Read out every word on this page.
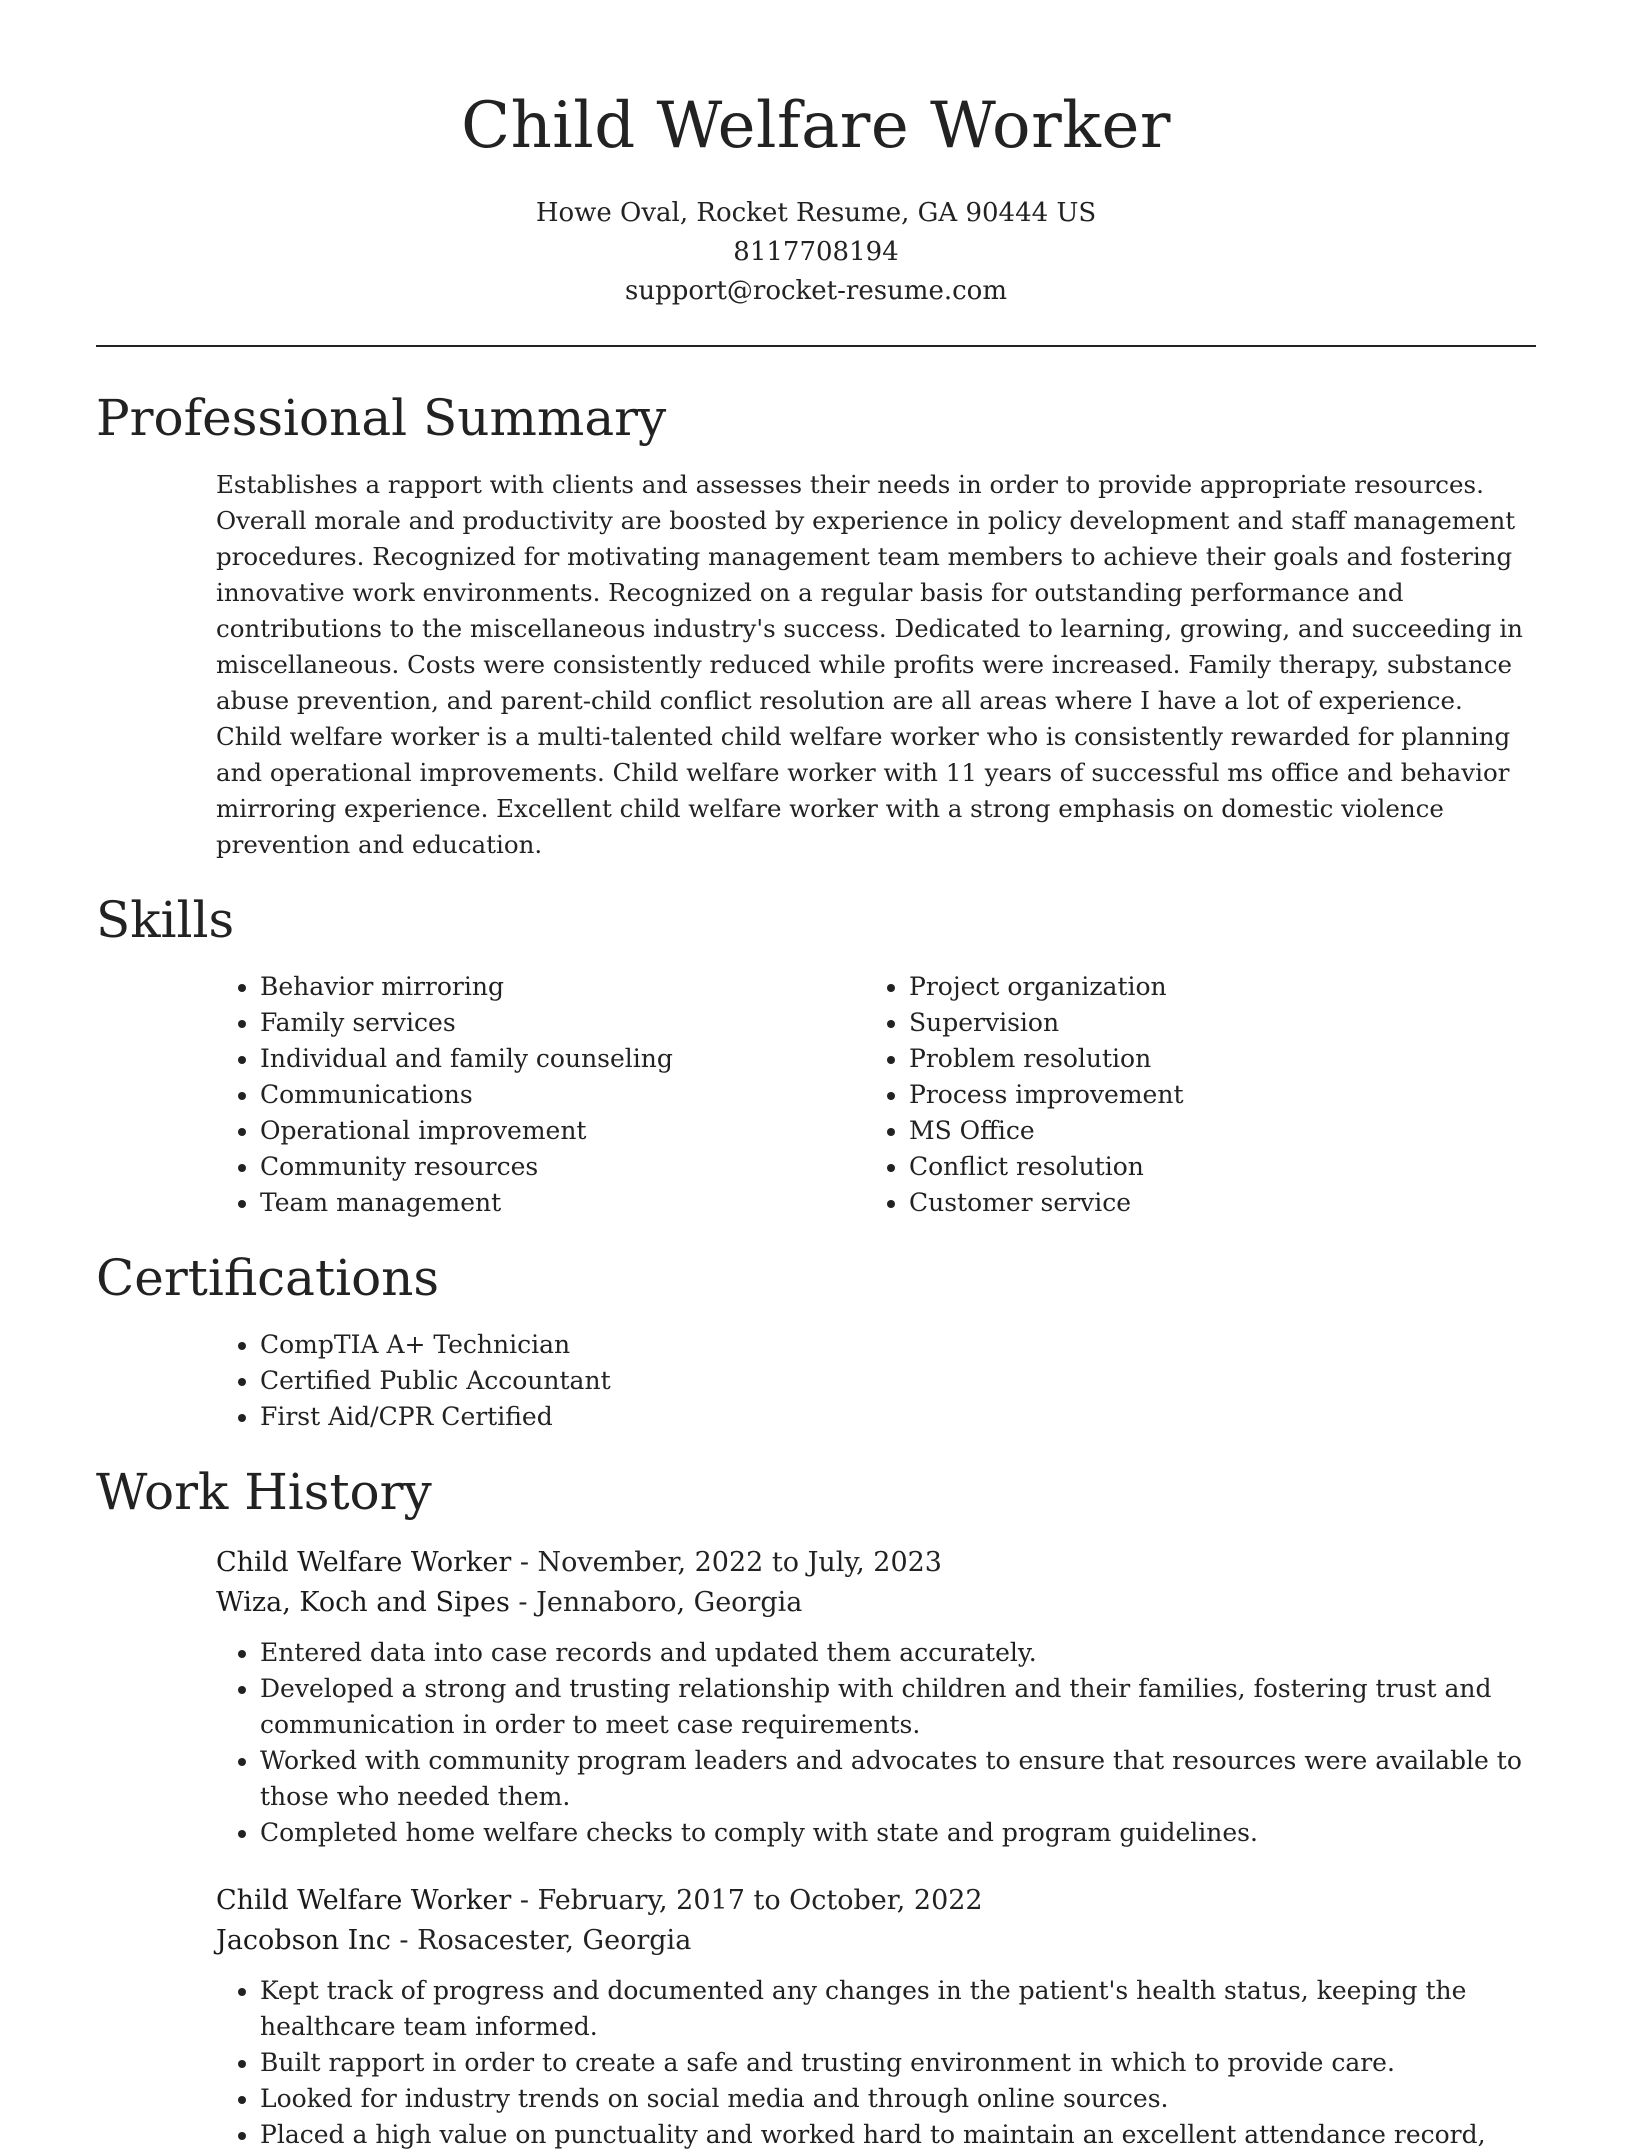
Child Welfare Worker
Howe Oval, Rocket Resume, GA 90444 US
8117708194
support@rocket-resume.com
Professional Summary

Establishes a rapport with clients and assesses their needs in order to provide appropriate resources. Overall morale and productivity are boosted by experience in policy development and staff management procedures. Recognized for motivating management team members to achieve their goals and fostering innovative work environments. Recognized on a regular basis for outstanding performance and contributions to the miscellaneous industry's success. Dedicated to learning, growing, and succeeding in miscellaneous. Costs were consistently reduced while profits were increased. Family therapy, substance abuse prevention, and parent-child conflict resolution are all areas where I have a lot of experience. Child welfare worker is a multi-talented child welfare worker who is consistently rewarded for planning and operational improvements. Child welfare worker with 11 years of successful ms office and behavior mirroring experience. Excellent child welfare worker with a strong emphasis on domestic violence prevention and education.

Skills
• Behavior mirroring
• Family services
• Individual and family counseling
• Communications
• Operational improvement
• Community resources
• Team management
• Project organization
• Supervision
• Problem resolution
• Process improvement
• MS Office
• Conflict resolution
• Customer service
Certifications
• CompTIA A+ Technician
• Certified Public Accountant
• First Aid/CPR Certified
Work History
Child Welfare Worker - November, 2022 to July, 2023
Wiza, Koch and Sipes - Jennaboro, Georgia
• Entered data into case records and updated them accurately.
• Developed a strong and trusting relationship with children and their families, fostering trust and communication in order to meet case requirements.
• Worked with community program leaders and advocates to ensure that resources were available to those who needed them.
• Completed home welfare checks to comply with state and program guidelines.
Child Welfare Worker - February, 2017 to October, 2022
Jacobson Inc - Rosacester, Georgia
• Kept track of progress and documented any changes in the patient's health status, keeping the healthcare team informed.
• Built rapport in order to create a safe and trusting environment in which to provide care.
• Looked for industry trends on social media and through online sources.
• Placed a high value on punctuality and worked hard to maintain an excellent attendance record,
